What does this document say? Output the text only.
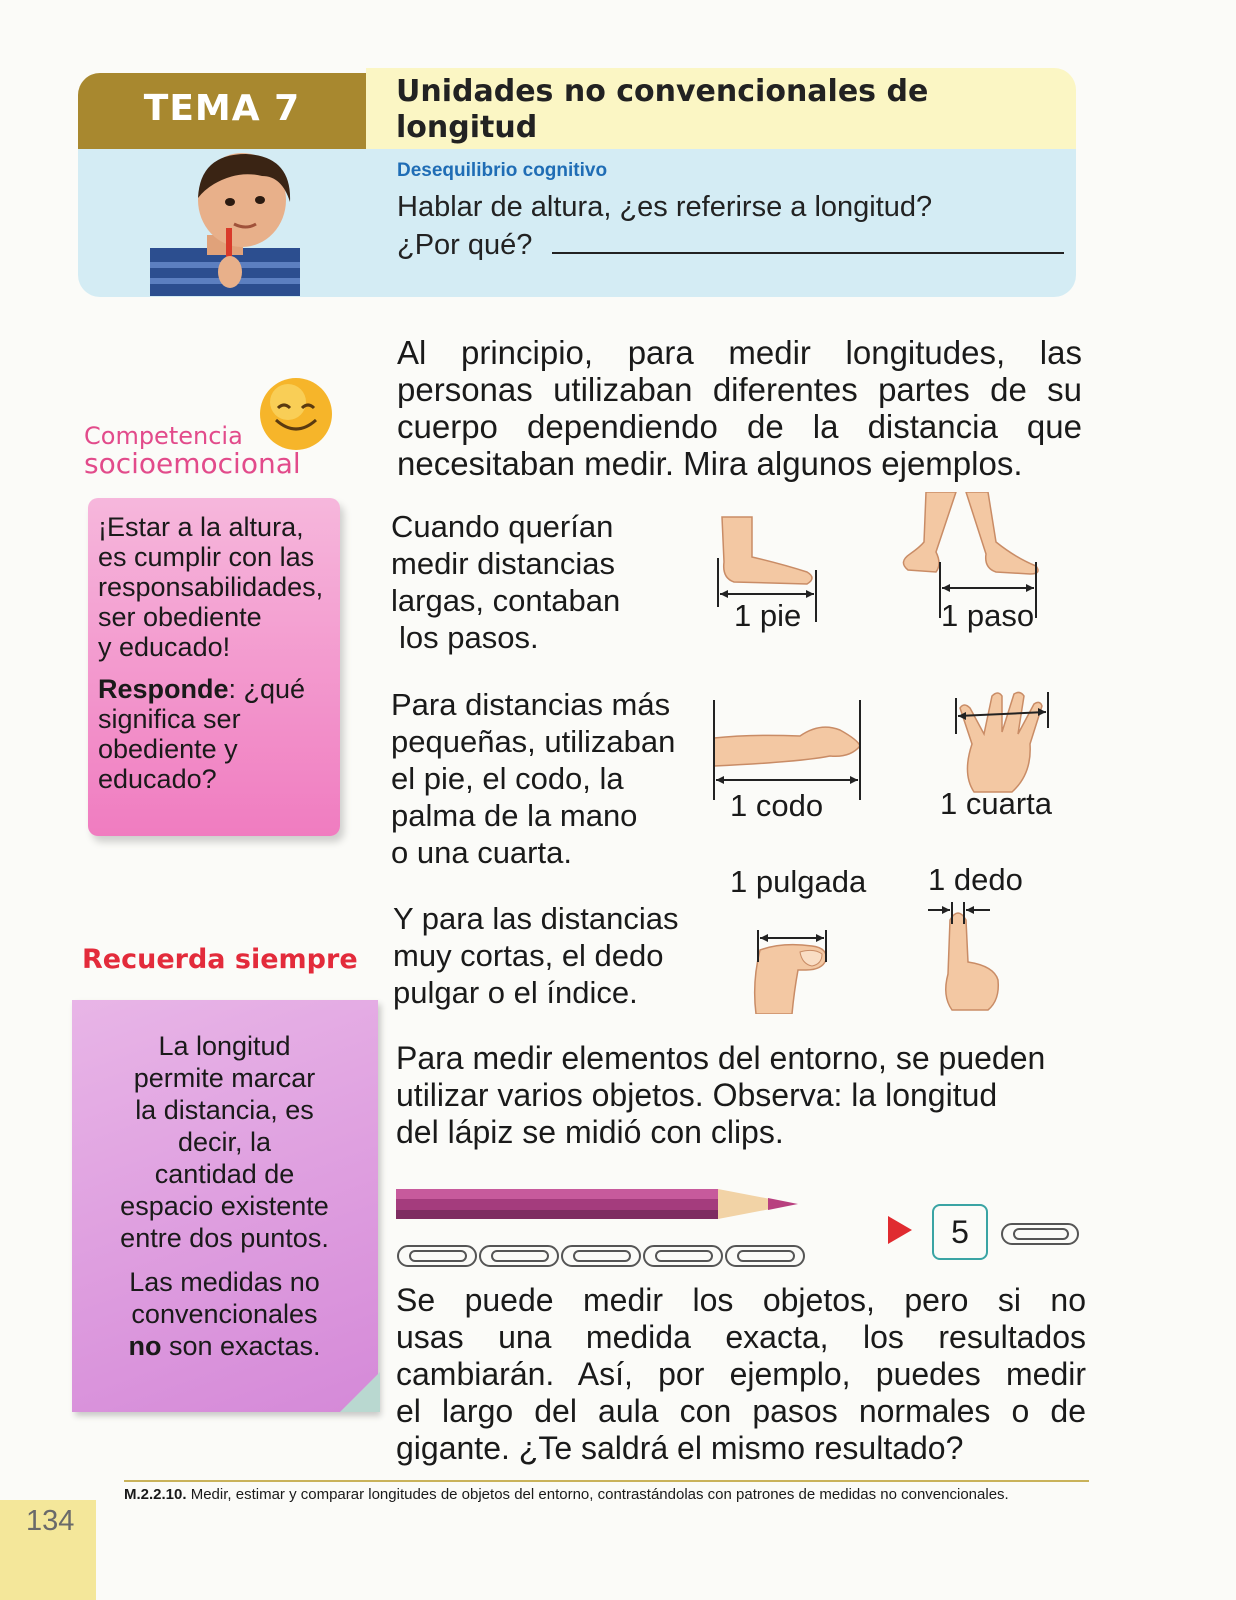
TEMA 7	Unidades no convencionales de longitud
Desequilibrio cognitivo
Hablar de altura, ¿es referirse a longitud?
¿Por qué?
Al principio, para medir longitudes, las personas utilizaban diferentes partes de su cuerpo dependiendo de la distancia que necesitaban medir. Mira algunos ejemplos.
Cuando querían
medir distancias
largas, contaban
los pasos.
1 pie	1 paso
Para distancias más
pequeñas, utilizaban
el pie, el codo, la
palma de la mano
o una cuarta.
1 codo	1 cuarta
1 pulgada 1 dedo
Y para las distancias
muy cortas, el dedo
pulgar o el índice.
Para medir elementos del entorno, se pueden
utilizar varios objetos. Observa: la longitud
del lápiz se midió con clips.
5
Se puede medir los objetos, pero si no
usas una medida exacta, los resultados
cambiarán. Así, por ejemplo, puedes medir
el largo del aula con pasos normales o de
gigante. ¿Te saldrá el mismo resultado?
Competencia
socioemocional
¡Estar a la altura,
es cumplir con las
responsabilidades,
ser obediente
y educado!
Responde: ¿qué
significa ser
obediente y
educado?
Recuerda siempre
La longitud
permite marcar
la distancia, es
decir, la
cantidad de
espacio existente
entre dos puntos.
Las medidas no
convencionales
no son exactas.
134
M.2.2.10. Medir, estimar y comparar longitudes de objetos del entorno, contrastándolas con patrones de medidas no convencionales.
